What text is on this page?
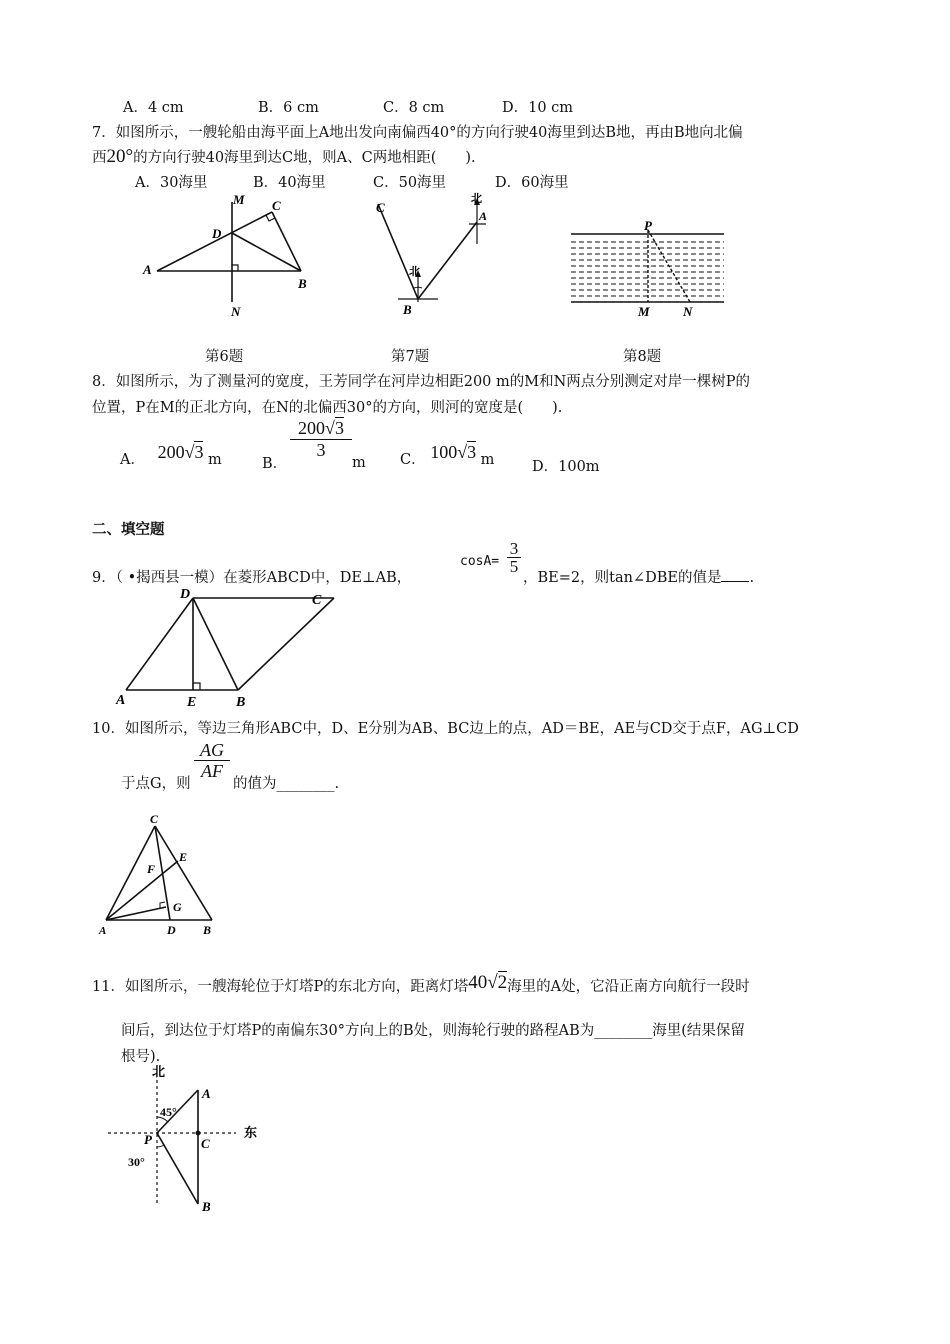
A．4 cm	B．6 cm	C．8 cm	D．10 cm
7．如图所示，一艘轮船由海平面上A地出发向南偏西40°的方向行驶40海里到达B地，再由B地向北偏
西20°的方向行驶40海里到达C地，则A、C两地相距(　　).
A．30海里	B．40海里	C．50海里	D．60海里
M C
D
A
B
N
C
北
A
北
B
P
M	N
第6题	第7题	第8题
8．如图所示，为了测量河的宽度，王芳同学在河岸边相距200 m的M和N两点分别测定对岸一棵树P的
位置，P在M的正北方向，在N的北偏西30°的方向，则河的宽度是(　　).
A． 200√3 m	B．
$\frac{200√3}{3}$
m C． 100√3 m	D．100m
二、填空题
9．（ •揭西县一模）在菱形ABCD中，DE⊥AB，
$\cos A= \frac{3}{5}$
，BE=2，则tan∠DBE的值是 .
D	C
A	E	B
10．如图所示，等边三角形ABC中，D、E分别为AB、BC边上的点，AD＝BE，AE与CD交于点F，AG⊥CD
于点G，则
$\frac{AG}{AF}$
的值为________.
C
E
F
G
A	D B
11．如图所示，一艘海轮位于灯塔P的东北方向，距离灯塔40√2海里的A处，它沿正南方向航行一段时
间后，到达位于灯塔P的南偏东30°方向上的B处，则海轮行驶的路程AB为________海里(结果保留
根号).
北
东
A
P	C
B
45°
30°
